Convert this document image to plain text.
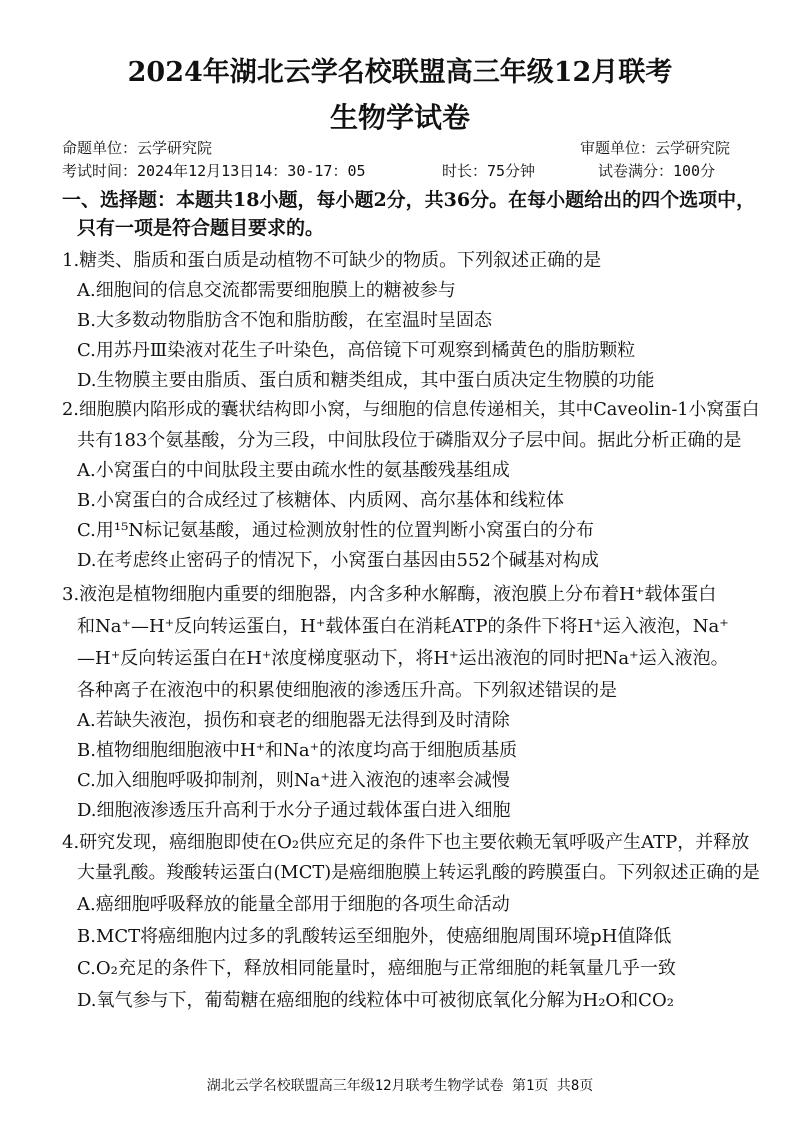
2024年湖北云学名校联盟高三年级12月联考
生物学试卷
命题单位：云学研究院	审题单位：云学研究院
考试时间：2024年12月13日14：30-17：05	时长：75分钟	试卷满分：100分
一、选择题：本题共18小题，每小题2分，共36分。在每小题给出的四个选项中，
只有一项是符合题目要求的。
1.糖类、脂质和蛋白质是动植物不可缺少的物质。下列叙述正确的是
A.细胞间的信息交流都需要细胞膜上的糖被参与
B.大多数动物脂肪含不饱和脂肪酸，在室温时呈固态
C.用苏丹Ⅲ染液对花生子叶染色，高倍镜下可观察到橘黄色的脂肪颗粒
D.生物膜主要由脂质、蛋白质和糖类组成，其中蛋白质决定生物膜的功能
2.细胞膜内陷形成的囊状结构即小窝，与细胞的信息传递相关，其中Caveolin-1小窝蛋白
共有183个氨基酸，分为三段，中间肽段位于磷脂双分子层中间。据此分析正确的是
A.小窝蛋白的中间肽段主要由疏水性的氨基酸残基组成
B.小窝蛋白的合成经过了核糖体、内质网、高尔基体和线粒体
C.用¹⁵N标记氨基酸，通过检测放射性的位置判断小窝蛋白的分布
D.在考虑终止密码子的情况下，小窝蛋白基因由552个碱基对构成
3.液泡是植物细胞内重要的细胞器，内含多种水解酶，液泡膜上分布着H⁺载体蛋白
和Na⁺—H⁺反向转运蛋白，H⁺载体蛋白在消耗ATP的条件下将H⁺运入液泡，Na⁺
—H⁺反向转运蛋白在H⁺浓度梯度驱动下，将H⁺运出液泡的同时把Na⁺运入液泡。
各种离子在液泡中的积累使细胞液的渗透压升高。下列叙述错误的是
A.若缺失液泡，损伤和衰老的细胞器无法得到及时清除
B.植物细胞细胞液中H⁺和Na⁺的浓度均高于细胞质基质
C.加入细胞呼吸抑制剂，则Na⁺进入液泡的速率会减慢
D.细胞液渗透压升高利于水分子通过载体蛋白进入细胞
4.研究发现，癌细胞即使在O₂供应充足的条件下也主要依赖无氧呼吸产生ATP，并释放
大量乳酸。羧酸转运蛋白(MCT)是癌细胞膜上转运乳酸的跨膜蛋白。下列叙述正确的是
A.癌细胞呼吸释放的能量全部用于细胞的各项生命活动
B.MCT将癌细胞内过多的乳酸转运至细胞外，使癌细胞周围环境pH值降低
C.O₂充足的条件下，释放相同能量时，癌细胞与正常细胞的耗氧量几乎一致
D.氧气参与下，葡萄糖在癌细胞的线粒体中可被彻底氧化分解为H₂O和CO₂
湖北云学名校联盟高三年级12月联考生物学试卷 第1页 共8页
